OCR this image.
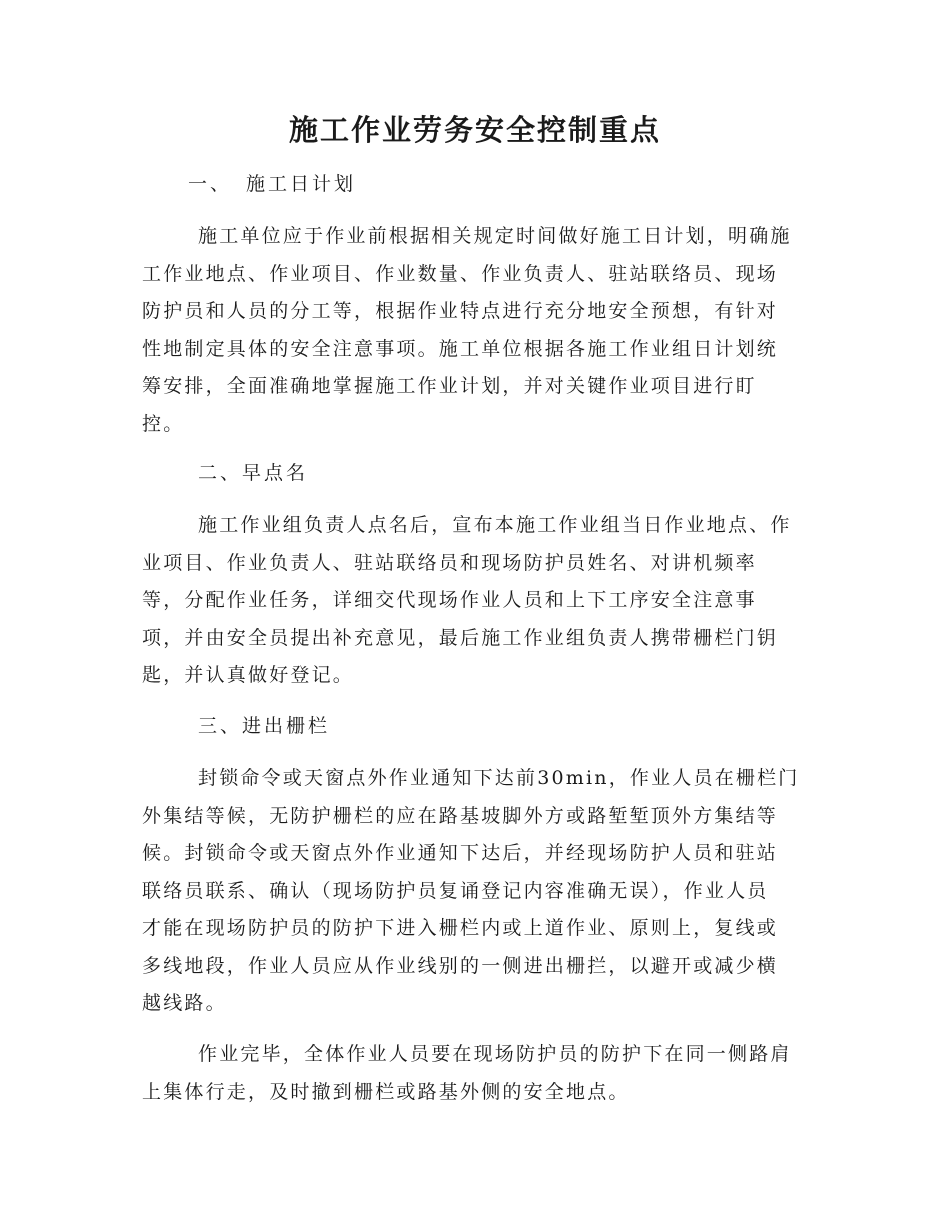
施工作业劳务安全控制重点
一、 施工日计划
施工单位应于作业前根据相关规定时间做好施工日计划，明确施
工作业地点、作业项目、作业数量、作业负责人、驻站联络员、现场
防护员和人员的分工等，根据作业特点进行充分地安全预想，有针对
性地制定具体的安全注意事项。施工单位根据各施工作业组日计划统
筹安排，全面准确地掌握施工作业计划，并对关键作业项目进行盯
控。
二、早点名
施工作业组负责人点名后，宣布本施工作业组当日作业地点、作
业项目、作业负责人、驻站联络员和现场防护员姓名、对讲机频率
等，分配作业任务，详细交代现场作业人员和上下工序安全注意事
项，并由安全员提出补充意见，最后施工作业组负责人携带栅栏门钥
匙，并认真做好登记。
三、进出栅栏
封锁命令或天窗点外作业通知下达前30min，作业人员在栅栏门
外集结等候，无防护栅栏的应在路基坡脚外方或路堑堑顶外方集结等
候。封锁命令或天窗点外作业通知下达后，并经现场防护人员和驻站
联络员联系、确认（现场防护员复诵登记内容准确无误），作业人员
才能在现场防护员的防护下进入栅栏内或上道作业、原则上，复线或
多线地段，作业人员应从作业线别的一侧进出栅拦，以避开或减少横
越线路。
作业完毕，全体作业人员要在现场防护员的防护下在同一侧路肩
上集体行走，及时撤到栅栏或路基外侧的安全地点。
